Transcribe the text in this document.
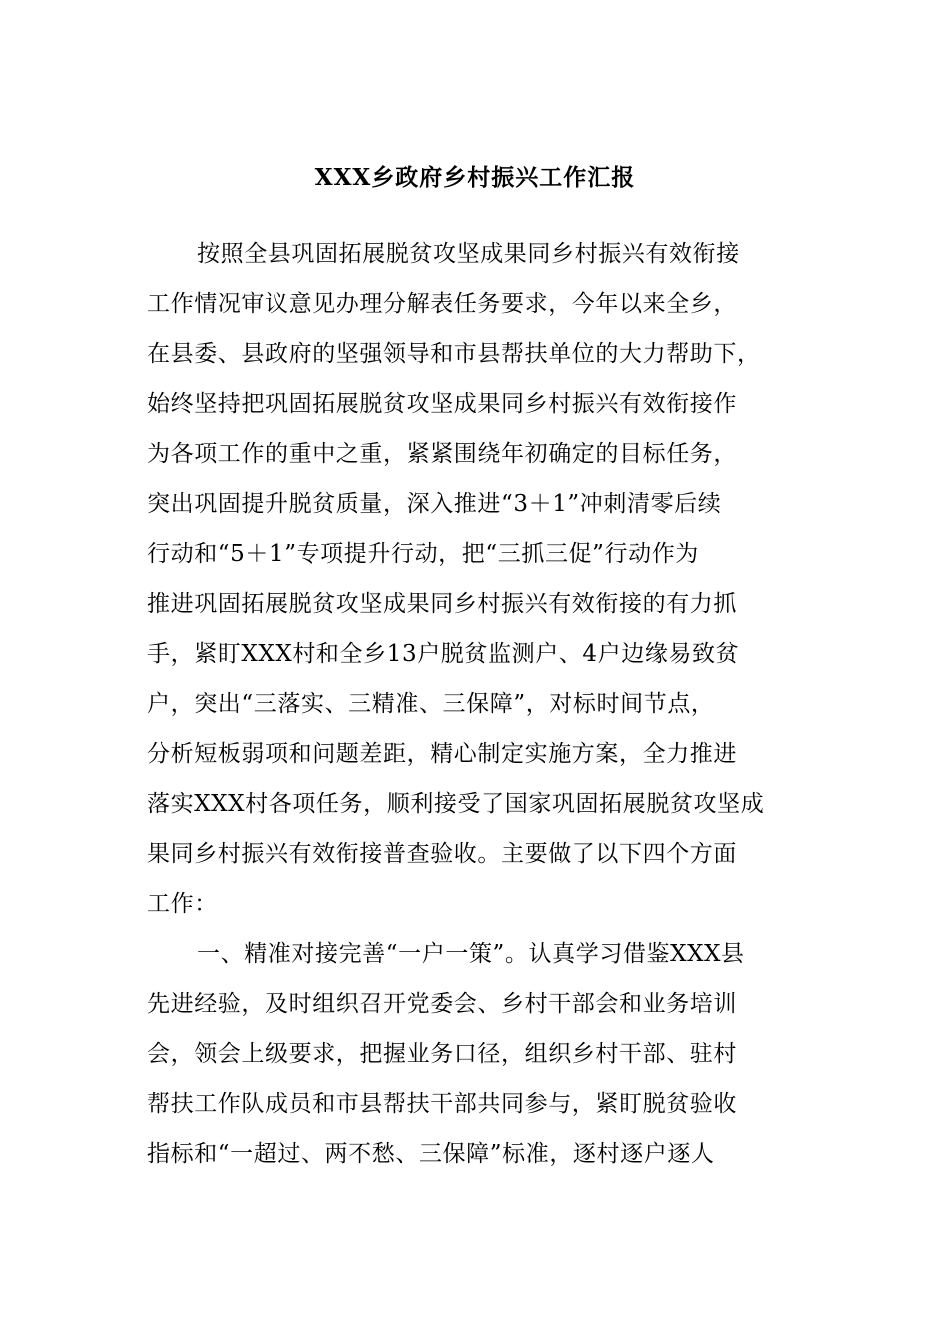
XXX乡政府乡村振兴工作汇报
按照全县巩固拓展脱贫攻坚成果同乡村振兴有效衔接
工作情况审议意见办理分解表任务要求，今年以来全乡，
在县委、县政府的坚强领导和市县帮扶单位的大力帮助下，
始终坚持把巩固拓展脱贫攻坚成果同乡村振兴有效衔接作
为各项工作的重中之重，紧紧围绕年初确定的目标任务，
突出巩固提升脱贫质量，深入推进“3＋1”冲刺清零后续
行动和“5＋1”专项提升行动，把“三抓三促”行动作为
推进巩固拓展脱贫攻坚成果同乡村振兴有效衔接的有力抓
手，紧盯XXX村和全乡13户脱贫监测户、4户边缘易致贫
户，突出“三落实、三精准、三保障”，对标时间节点，
分析短板弱项和问题差距，精心制定实施方案，全力推进
落实XXX村各项任务，顺利接受了国家巩固拓展脱贫攻坚成
果同乡村振兴有效衔接普查验收。主要做了以下四个方面
工作：
一、精准对接完善“一户一策”。认真学习借鉴XXX县
先进经验，及时组织召开党委会、乡村干部会和业务培训
会，领会上级要求，把握业务口径，组织乡村干部、驻村
帮扶工作队成员和市县帮扶干部共同参与，紧盯脱贫验收
指标和“一超过、两不愁、三保障”标准，逐村逐户逐人
